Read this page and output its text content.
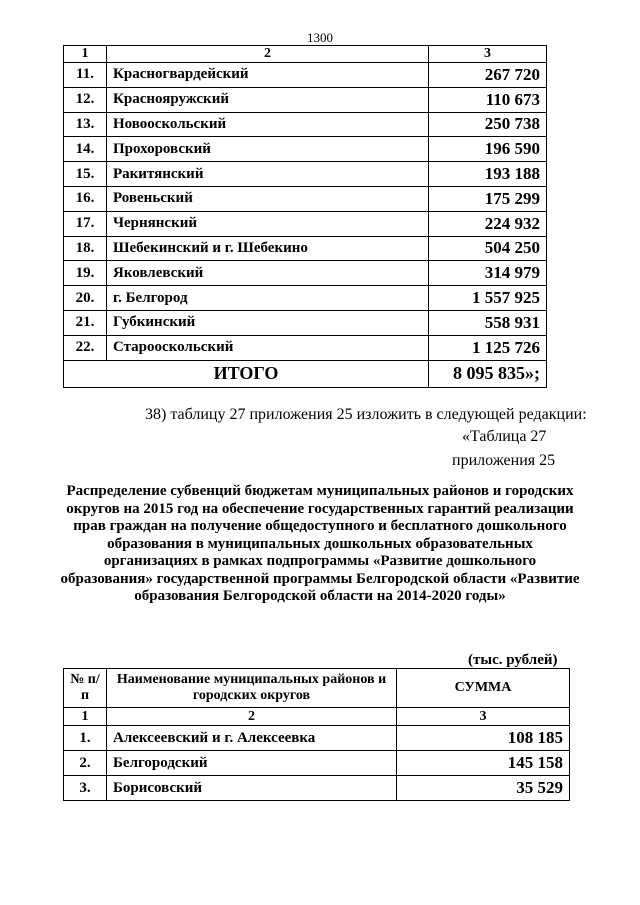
1300
1	2	3
11.	Красногвардейский	267 720
12.	Краснояружский	110 673
13.	Новооскольский	250 738
14.	Прохоровский	196 590
15.	Ракитянский	193 188
16.	Ровеньский	175 299
17.	Чернянский	224 932
18.	Шебекинский и г. Шебекино	504 250
19.	Яковлевский	314 979
20.	г. Белгород	1 557 925
21.	Губкинский	558 931
22.	Старооскольский	1 125 726
ИТОГО		8 095 835»;
38) таблицу 27 приложения 25 изложить в следующей редакции:
«Таблица 27
приложения 25
Распределение субвенций бюджетам муниципальных районов и городских округов на 2015 год на обеспечение государственных гарантий реализации прав граждан на получение общедоступного и бесплатного дошкольного образования в муниципальных дошкольных образовательных организациях в рамках подпрограммы «Развитие дошкольного образования» государственной программы Белгородской области «Развитие образования Белгородской области на 2014-2020 годы»
(тыс. рублей)
№ п/п	Наименование муниципальных районов и городских округов	СУММА
1	2	3
1.	Алексеевский и г. Алексеевка	108 185
2.	Белгородский	145 158
3.	Борисовский	35 529
